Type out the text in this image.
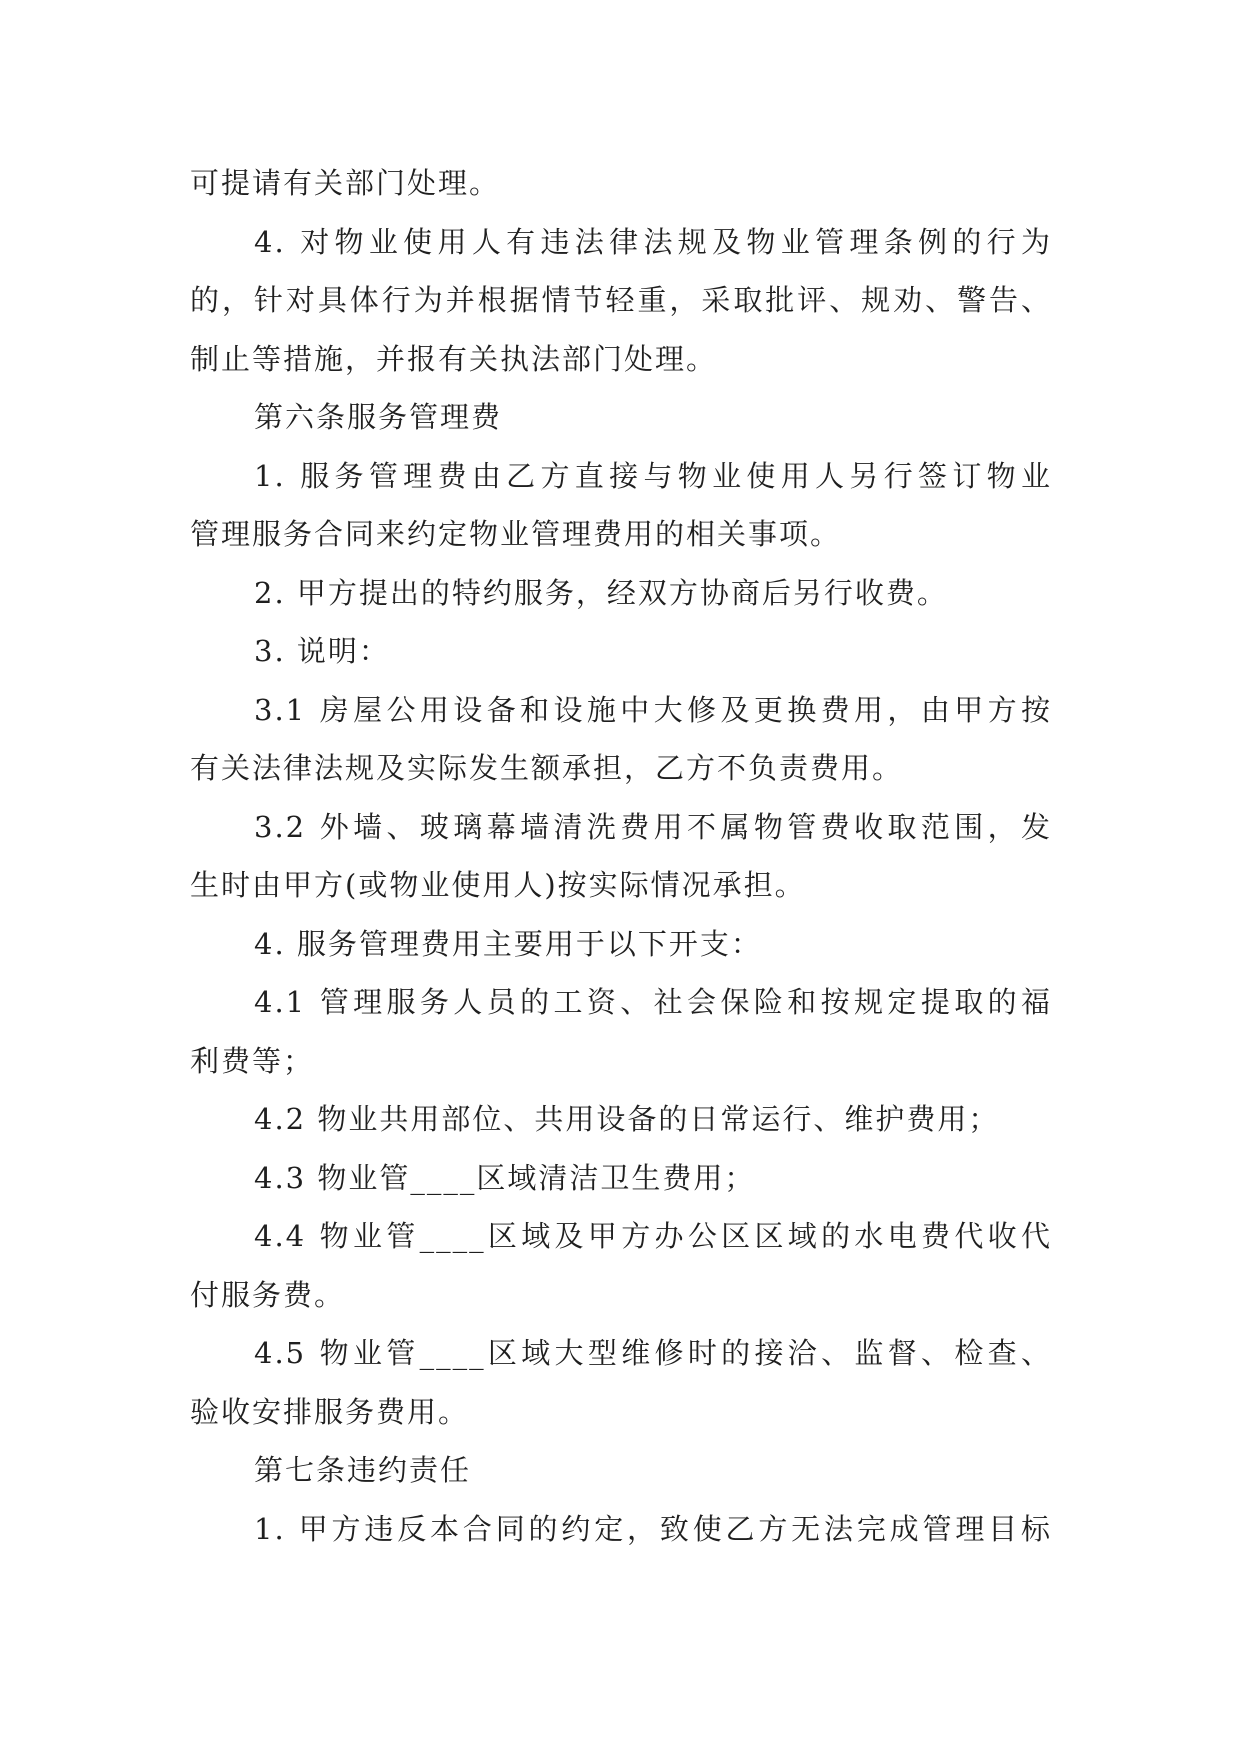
可提请有关部门处理。
4. 对物业使用人有违法律法规及物业管理条例的行为
的，针对具体行为并根据情节轻重，采取批评、规劝、警告、
制止等措施，并报有关执法部门处理。
第六条服务管理费
1. 服务管理费由乙方直接与物业使用人另行签订物业
管理服务合同来约定物业管理费用的相关事项。
2. 甲方提出的特约服务，经双方协商后另行收费。
3. 说明：
3.1 房屋公用设备和设施中大修及更换费用，由甲方按
有关法律法规及实际发生额承担，乙方不负责费用。
3.2 外墙、玻璃幕墙清洗费用不属物管费收取范围，发
生时由甲方(或物业使用人)按实际情况承担。
4. 服务管理费用主要用于以下开支：
4.1 管理服务人员的工资、社会保险和按规定提取的福
利费等；
4.2 物业共用部位、共用设备的日常运行、维护费用；
4.3 物业管____区域清洁卫生费用；
4.4 物业管____区域及甲方办公区区域的水电费代收代
付服务费。
4.5 物业管____区域大型维修时的接洽、监督、检查、
验收安排服务费用。
第七条违约责任
1. 甲方违反本合同的约定，致使乙方无法完成管理目标
